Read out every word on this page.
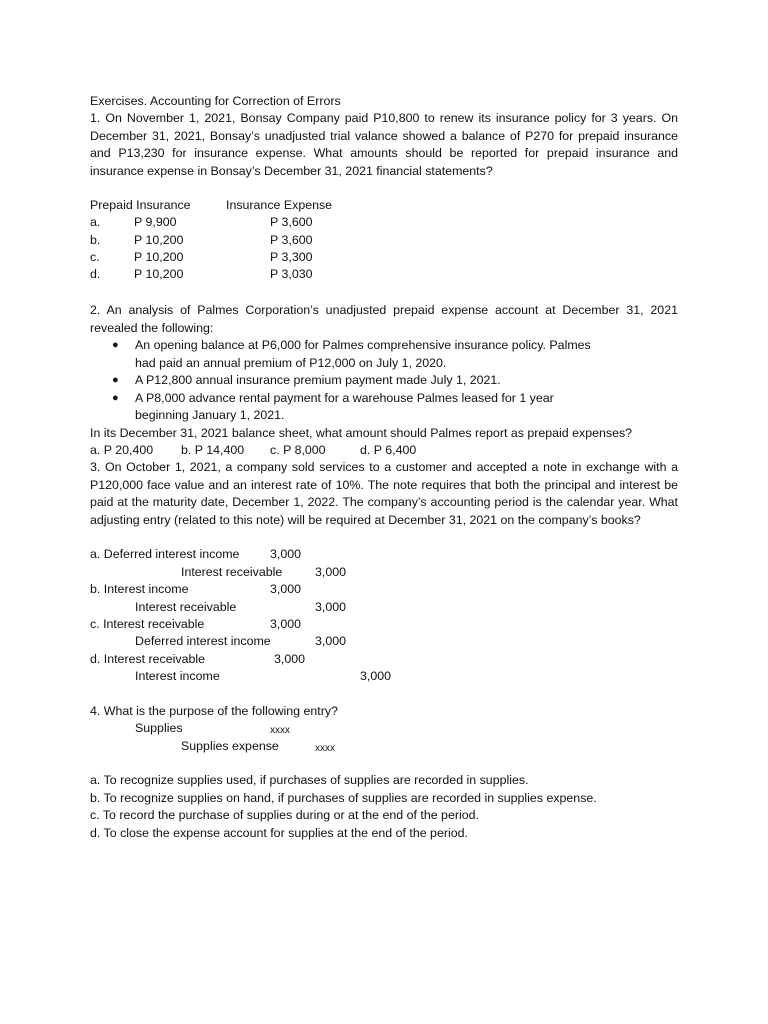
Exercises. Accounting for Correction of Errors

1. On November 1, 2021, Bonsay Company paid P10,800 to renew its insurance policy for 3 years. On December 31, 2021, Bonsay’s unadjusted trial valance showed a balance of P270 for prepaid insurance and P13,230 for insurance expense. What amounts should be reported for prepaid insurance and insurance expense in Bonsay’s December 31, 2021 financial statements?

Prepaid Insurance	Insurance Expense
a.	P 9,900	P 3,600
b.	P 10,200	P 3,600
c.	P 10,200	P 3,300
d.	P 10,200	P 3,030

2. An analysis of Palmes Corporation’s unadjusted prepaid expense account at December 31, 2021 revealed the following:

● An opening balance at P6,000 for Palmes comprehensive insurance policy. Palmes
had paid an annual premium of P12,000 on July 1, 2020.
● A P12,800 annual insurance premium payment made July 1, 2021.
● A P8,000 advance rental payment for a warehouse Palmes leased for 1 year
beginning January 1, 2021.
In its December 31, 2021 balance sheet, what amount should Palmes report as prepaid expenses?
a. P 20,400 b. P 14,400 c. P 8,000	d. P 6,400

3. On October 1, 2021, a company sold services to a customer and accepted a note in exchange with a P120,000 face value and an interest rate of 10%. The note requires that both the principal and interest be paid at the maturity date, December 1, 2022. The company’s accounting period is the calendar year. What adjusting entry (related to this note) will be required at December 31, 2021 on the company’s books?

a. Deferred interest income 3,000
Interest receivable	3,000
b. Interest income	3,000
Interest receivable	3,000
c. Interest receivable	3,000
Deferred interest income	3,000
d. Interest receivable	3,000
Interest income	3,000
4. What is the purpose of the following entry?
Supplies	xxxx
Supplies expense	xxxx
a. To recognize supplies used, if purchases of supplies are recorded in supplies.
b. To recognize supplies on hand, if purchases of supplies are recorded in supplies expense.
c. To record the purchase of supplies during or at the end of the period.
d. To close the expense account for supplies at the end of the period.
